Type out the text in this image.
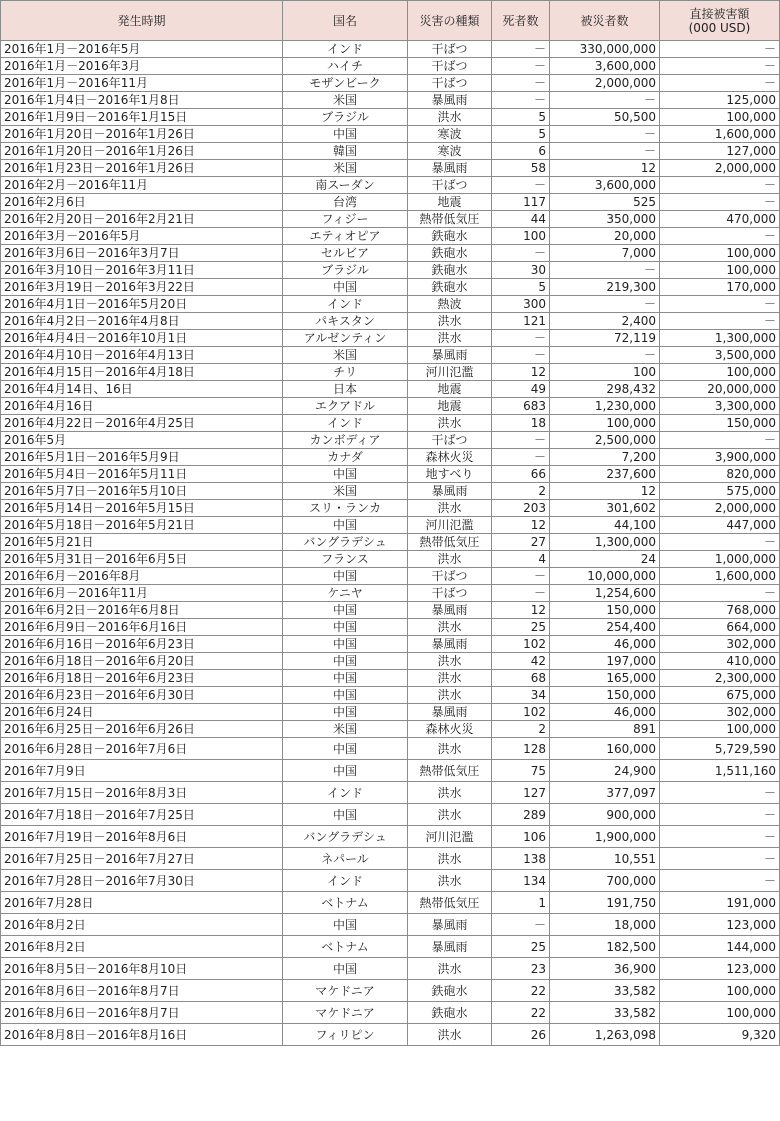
発生時期	国名	災害の種類	死者数	被災者数	直接被害額
(000 USD)
2016年1月－2016年5月	インド	干ばつ	－	330,000,000	－
2016年1月－2016年3月	ハイチ	干ばつ	－	3,600,000	－
2016年1月－2016年11月	モザンビーク	干ばつ	－	2,000,000	－
2016年1月4日－2016年1月8日	米国	暴風雨	－	－	125,000
2016年1月9日－2016年1月15日	ブラジル	洪水	5	50,500	100,000
2016年1月20日－2016年1月26日	中国	寒波	5	－	1,600,000
2016年1月20日－2016年1月26日	韓国	寒波	6	－	127,000
2016年1月23日－2016年1月26日	米国	暴風雨	58	12	2,000,000
2016年2月－2016年11月	南スーダン	干ばつ	－	3,600,000	－
2016年2月6日	台湾	地震	117	525	－
2016年2月20日－2016年2月21日	フィジー	熱帯低気圧	44	350,000	470,000
2016年3月－2016年5月	エティオピア	鉄砲水	100	20,000	－
2016年3月6日－2016年3月7日	セルビア	鉄砲水	－	7,000	100,000
2016年3月10日－2016年3月11日	ブラジル	鉄砲水	30	－	100,000
2016年3月19日－2016年3月22日	中国	鉄砲水	5	219,300	170,000
2016年4月1日－2016年5月20日	インド	熱波	300	－	－
2016年4月2日－2016年4月8日	パキスタン	洪水	121	2,400	－
2016年4月4日－2016年10月1日	アルゼンティン	洪水	－	72,119	1,300,000
2016年4月10日－2016年4月13日	米国	暴風雨	－	－	3,500,000
2016年4月15日－2016年4月18日	チリ	河川氾濫	12	100	100,000
2016年4月14日、16日	日本	地震	49	298,432	20,000,000
2016年4月16日	エクアドル	地震	683	1,230,000	3,300,000
2016年4月22日－2016年4月25日	インド	洪水	18	100,000	150,000
2016年5月	カンボディア	干ばつ	－	2,500,000	－
2016年5月1日－2016年5月9日	カナダ	森林火災	－	7,200	3,900,000
2016年5月4日－2016年5月11日	中国	地すべり	66	237,600	820,000
2016年5月7日－2016年5月10日	米国	暴風雨	2	12	575,000
2016年5月14日－2016年5月15日	スリ・ランカ	洪水	203	301,602	2,000,000
2016年5月18日－2016年5月21日	中国	河川氾濫	12	44,100	447,000
2016年5月21日	バングラデシュ	熱帯低気圧	27	1,300,000	－
2016年5月31日－2016年6月5日	フランス	洪水	4	24	1,000,000
2016年6月－2016年8月	中国	干ばつ	－	10,000,000	1,600,000
2016年6月－2016年11月	ケニヤ	干ばつ	－	1,254,600	－
2016年6月2日－2016年6月8日	中国	暴風雨	12	150,000	768,000
2016年6月9日－2016年6月16日	中国	洪水	25	254,400	664,000
2016年6月16日－2016年6月23日	中国	暴風雨	102	46,000	302,000
2016年6月18日－2016年6月20日	中国	洪水	42	197,000	410,000
2016年6月18日－2016年6月23日	中国	洪水	68	165,000	2,300,000
2016年6月23日－2016年6月30日	中国	洪水	34	150,000	675,000
2016年6月24日	中国	暴風雨	102	46,000	302,000
2016年6月25日－2016年6月26日	米国	森林火災	2	891	100,000
2016年6月28日－2016年7月6日	中国	洪水	128	160,000	5,729,590
2016年7月9日	中国	熱帯低気圧	75	24,900	1,511,160
2016年7月15日－2016年8月3日	インド	洪水	127	377,097	－
2016年7月18日－2016年7月25日	中国	洪水	289	900,000	－
2016年7月19日－2016年8月6日	バングラデシュ	河川氾濫	106	1,900,000	－
2016年7月25日－2016年7月27日	ネパール	洪水	138	10,551	－
2016年7月28日－2016年7月30日	インド	洪水	134	700,000	－
2016年7月28日	ベトナム	熱帯低気圧	1	191,750	191,000
2016年8月2日	中国	暴風雨	－	18,000	123,000
2016年8月2日	ベトナム	暴風雨	25	182,500	144,000
2016年8月5日－2016年8月10日	中国	洪水	23	36,900	123,000
2016年8月6日－2016年8月7日	マケドニア	鉄砲水	22	33,582	100,000
2016年8月6日－2016年8月7日	マケドニア	鉄砲水	22	33,582	100,000
2016年8月8日－2016年8月16日	フィリピン	洪水	26	1,263,098	9,320
